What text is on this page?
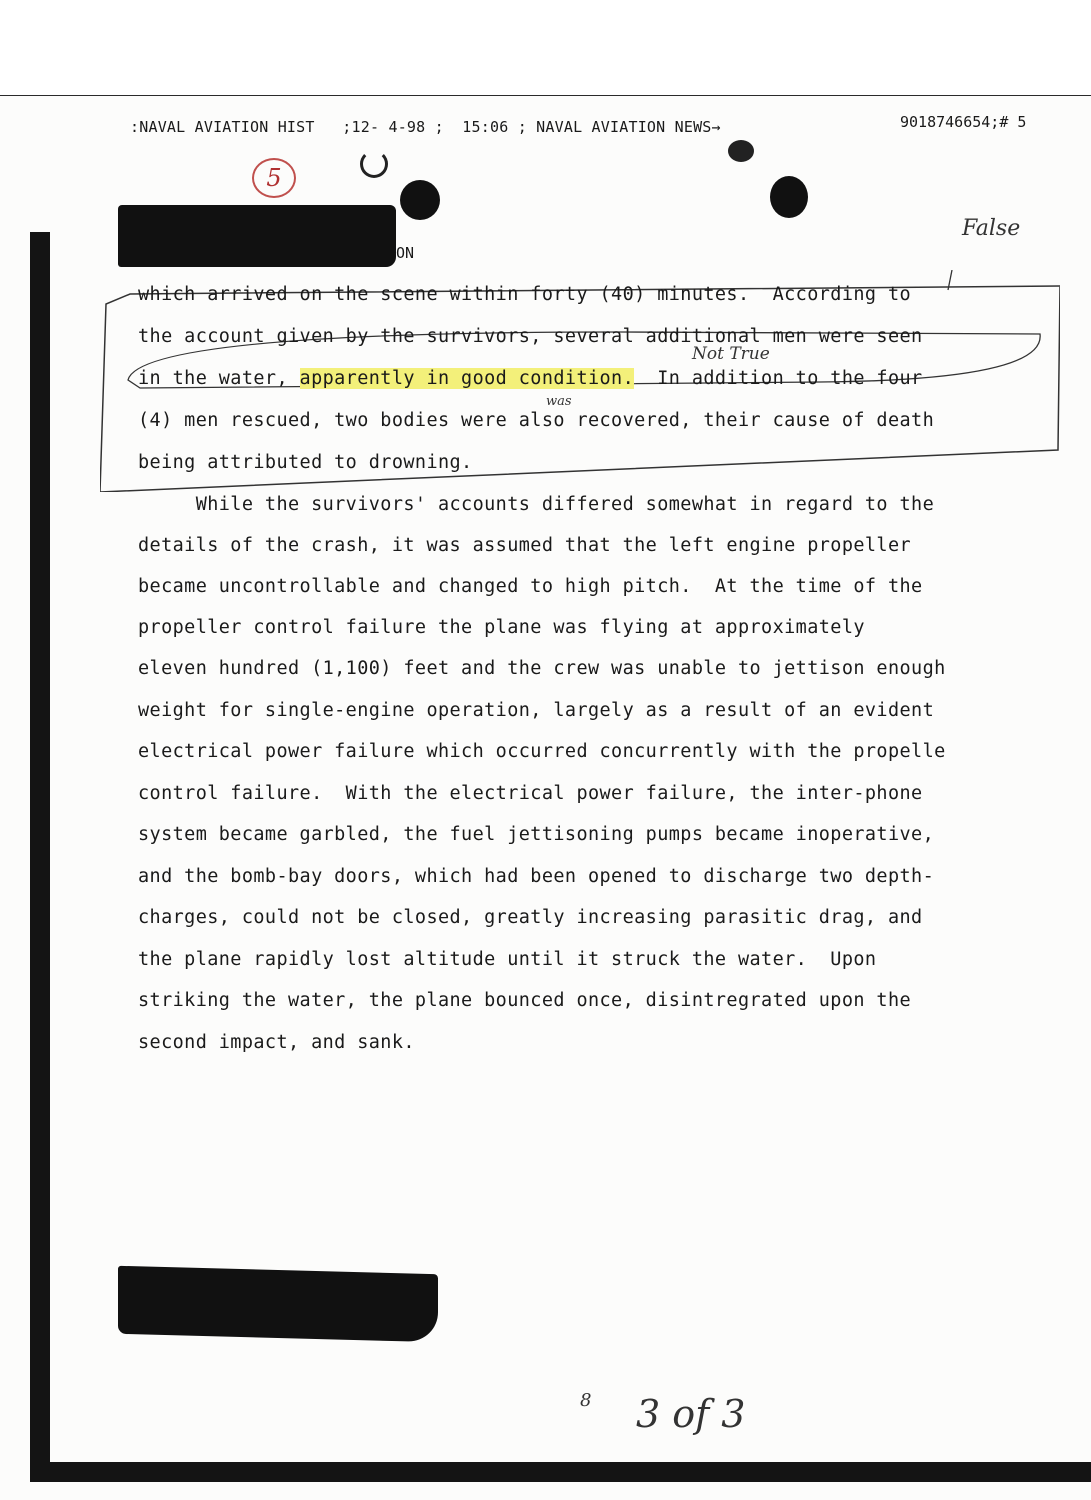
:NAVAL AVIATION HIST   ;12- 4-98 ;  15:06 ; NAVAL AVIATION NEWS→	9018746654;# 5
5
ON
False
which arrived on the scene within forty (40) minutes.  According to
the account given by the survivors, several additional men were seen
in the water, apparently in good condition.  In addition to the four
(4) men rescued, two bodies were also recovered, their cause of death
being attributed to drowning.
Not True
was
While the survivors' accounts differed somewhat in regard to the
details of the crash, it was assumed that the left engine propeller
became uncontrollable and changed to high pitch.  At the time of the
propeller control failure the plane was flying at approximately
eleven hundred (1,100) feet and the crew was unable to jettison enough
weight for single-engine operation, largely as a result of an evident
electrical power failure which occurred concurrently with the propelle
control failure.  With the electrical power failure, the inter-phone
system became garbled, the fuel jettisoning pumps became inoperative,
and the bomb-bay doors, which had been opened to discharge two depth-
charges, could not be closed, greatly increasing parasitic drag, and
the plane rapidly lost altitude until it struck the water.  Upon
striking the water, the plane bounced once, disintregrated upon the
second impact, and sank.
8 3 of 3
